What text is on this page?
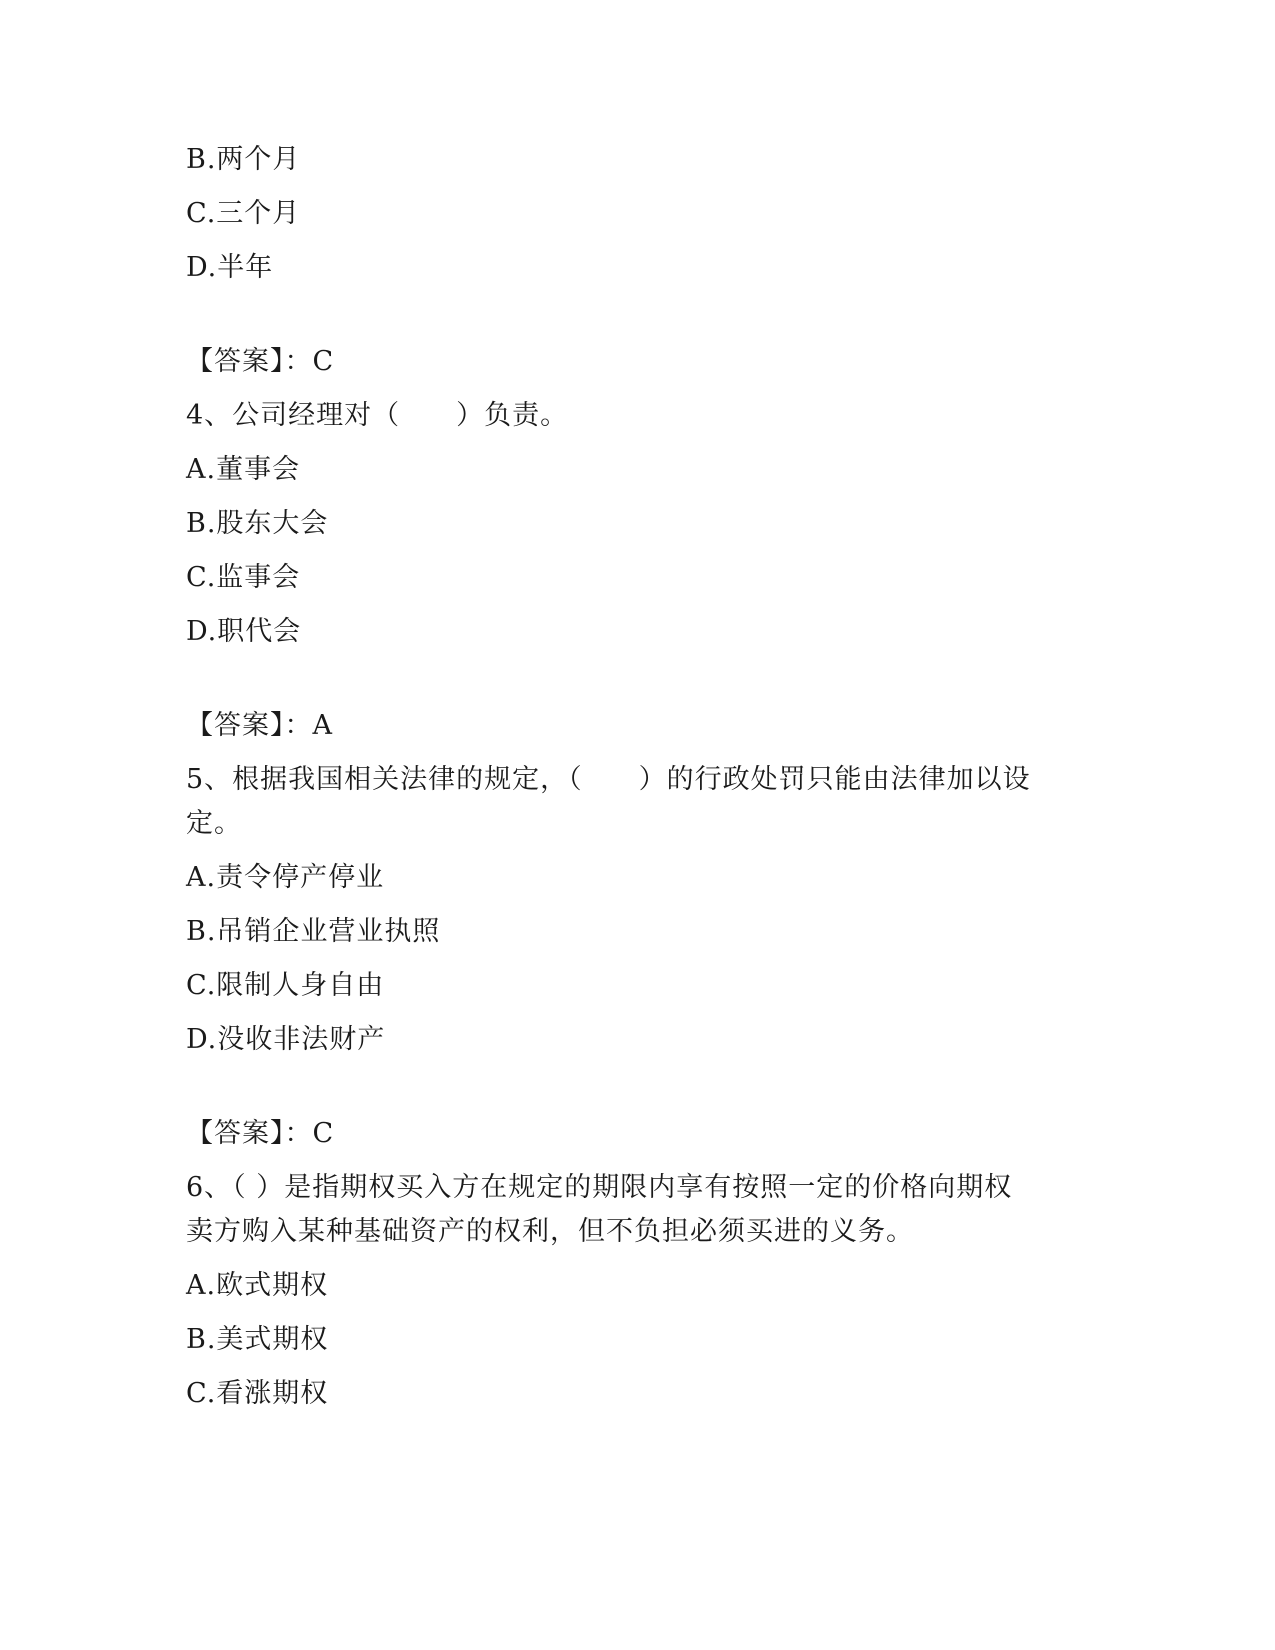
B.两个月
C.三个月
D.半年
【答案】：C
4、公司经理对（　　）负责。
A.董事会
B.股东大会
C.监事会
D.职代会
【答案】：A
5、根据我国相关法律的规定，（　　）的行政处罚只能由法律加以设
定。
A.责令停产停业
B.吊销企业营业执照
C.限制人身自由
D.没收非法财产
【答案】：C
6、（ ）是指期权买入方在规定的期限内享有按照一定的价格向期权
卖方购入某种基础资产的权利，但不负担必须买进的义务。
A.欧式期权
B.美式期权
C.看涨期权
